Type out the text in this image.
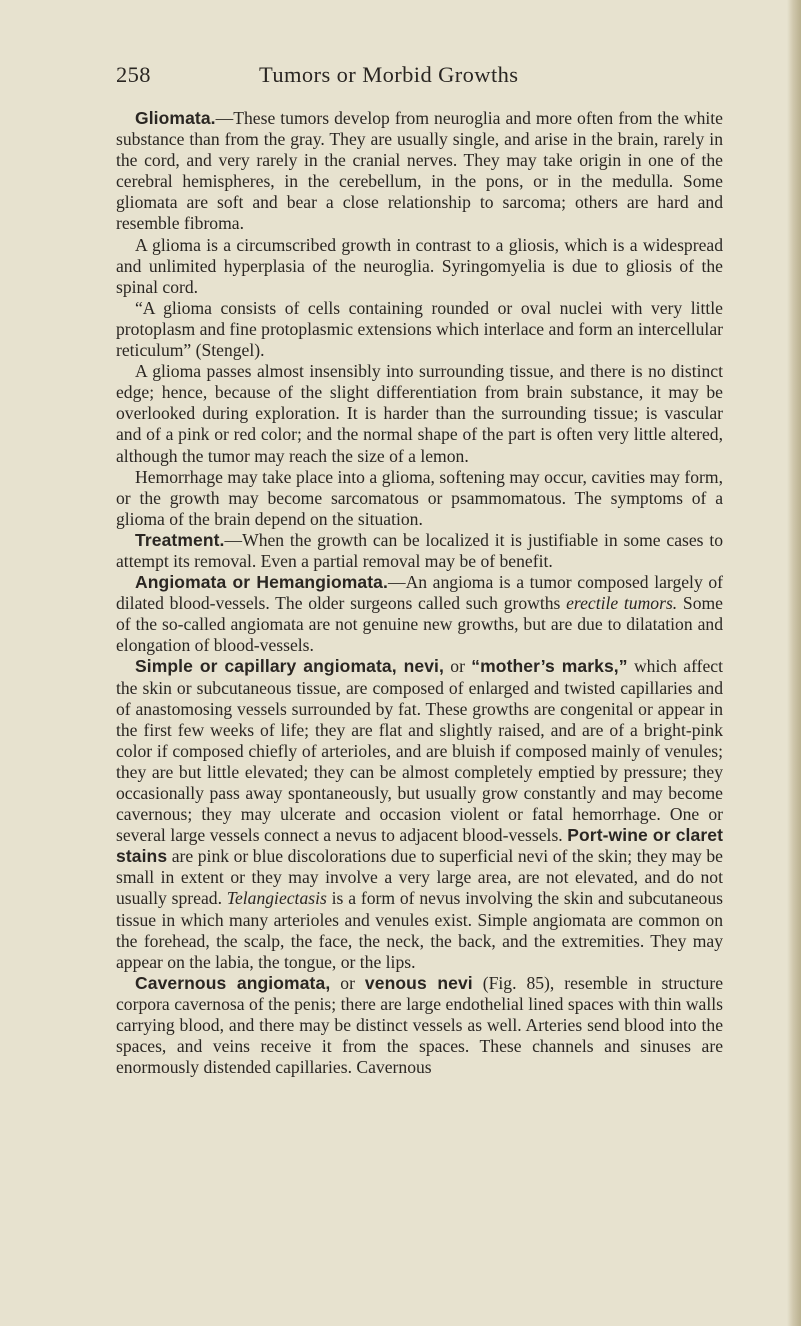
258	Tumors or Morbid Growths

Gliomata.—These tumors develop from neuroglia and more often from the white substance than from the gray. They are usually single, and arise in the brain, rarely in the cord, and very rarely in the cranial nerves. They may take origin in one of the cerebral hemispheres, in the cerebellum, in the pons, or in the medulla. Some gliomata are soft and bear a close relationship to sarcoma; others are hard and resemble fibroma.

A glioma is a circumscribed growth in contrast to a gliosis, which is a widespread and unlimited hyperplasia of the neuroglia. Syringomyelia is due to gliosis of the spinal cord.

“A glioma consists of cells containing rounded or oval nuclei with very little protoplasm and fine protoplasmic extensions which interlace and form an intercellular reticulum” (Stengel).

A glioma passes almost insensibly into surrounding tissue, and there is no distinct edge; hence, because of the slight differentiation from brain substance, it may be overlooked during exploration. It is harder than the surrounding tissue; is vascular and of a pink or red color; and the normal shape of the part is often very little altered, although the tumor may reach the size of a lemon.

Hemorrhage may take place into a glioma, softening may occur, cavities may form, or the growth may become sarcomatous or psammomatous. The symptoms of a glioma of the brain depend on the situation.

Treatment.—When the growth can be localized it is justifiable in some cases to attempt its removal. Even a partial removal may be of benefit.

Angiomata or Hemangiomata.—An angioma is a tumor composed largely of dilated blood-vessels. The older surgeons called such growths erectile tumors. Some of the so-called angiomata are not genuine new growths, but are due to dilatation and elongation of blood-vessels.

Simple or capillary angiomata, nevi, or “mother’s marks,” which affect the skin or subcutaneous tissue, are composed of enlarged and twisted capillaries and of anastomosing vessels surrounded by fat. These growths are congenital or appear in the first few weeks of life; they are flat and slightly raised, and are of a bright-pink color if composed chiefly of arterioles, and are bluish if composed mainly of venules; they are but little elevated; they can be almost completely emptied by pressure; they occasionally pass away spontaneously, but usually grow constantly and may become cavernous; they may ulcerate and occasion violent or fatal hemorrhage. One or several large vessels connect a nevus to adjacent blood-vessels. Port-wine or claret stains are pink or blue discolorations due to superficial nevi of the skin; they may be small in extent or they may involve a very large area, are not elevated, and do not usually spread. Telangiectasis is a form of nevus involving the skin and subcutaneous tissue in which many arterioles and venules exist. Simple angiomata are common on the forehead, the scalp, the face, the neck, the back, and the extremities. They may appear on the labia, the tongue, or the lips.

Cavernous angiomata, or venous nevi (Fig. 85), resemble in structure corpora cavernosa of the penis; there are large endothelial lined spaces with thin walls carrying blood, and there may be distinct vessels as well. Arteries send blood into the spaces, and veins receive it from the spaces. These channels and sinuses are enormously distended capillaries. Cavernous
